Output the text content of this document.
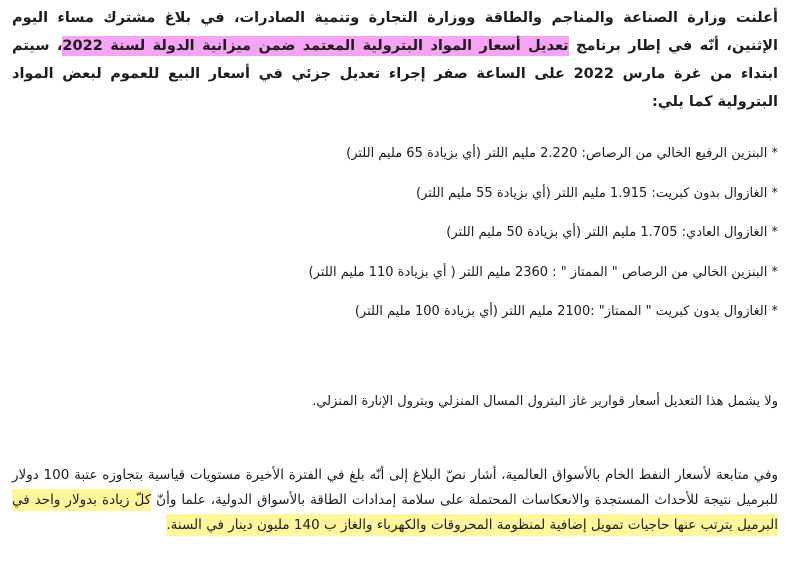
أعلنت وزارة الصناعة والمناجم والطاقة ووزارة التجارة وتنمية الصادرات، في بلاغ مشترك مساء اليوم الإثنين، أنّه في إطار برنامج تعديل أسعار المواد البترولية المعتمد ضمن ميزانية الدولة لسنة 2022، سيتم ابتداء من غرة مارس 2022 على الساعة صفر إجراء تعديل جزئي في أسعار البيع للعموم لبعض المواد البترولية كما يلي:

* البنزين الرفيع الخالي من الرصاص: 2.220 مليم اللتر (أي بزيادة 65 مليم اللتر)
* الغازوال بدون كبريت: 1.915 مليم اللتر (أي بزيادة 55 مليم اللتر)
* الغازوال العادي: 1.705 مليم اللتر (أي بزيادة 50 مليم اللتر)
* البنزين الخالي من الرصاص " الممتاز " : 2360 مليم اللتر ( أي بزيادة 110 مليم اللتر)
* الغازوال بدون كبريت " الممتاز" :2100 مليم اللتر (أي بزيادة 100 مليم اللتر)

ولا يشمل هذا التعديل أسعار قوارير غاز البترول المسال المنزلي وبترول الإنارة المنزلي.

وفي متابعة لأسعار النفط الخام بالأسواق العالمية، أشار نصّ البلاغ إلى أنّه بلغ في الفترة الأخيرة مستويات قياسية بتجاوزه عتبة 100 دولار للبرميل نتيجة للأحداث المستجدة والانعكاسات المحتملة على سلامة إمدادات الطاقة بالأسواق الدولية، علما وأنّ كلّ زيادة بدولار واحد في البرميل يترتب عنها حاجيات تمويل إضافية لمنظومة المحروقات والكهرباء والغاز ب 140 مليون دينار في السنة.
